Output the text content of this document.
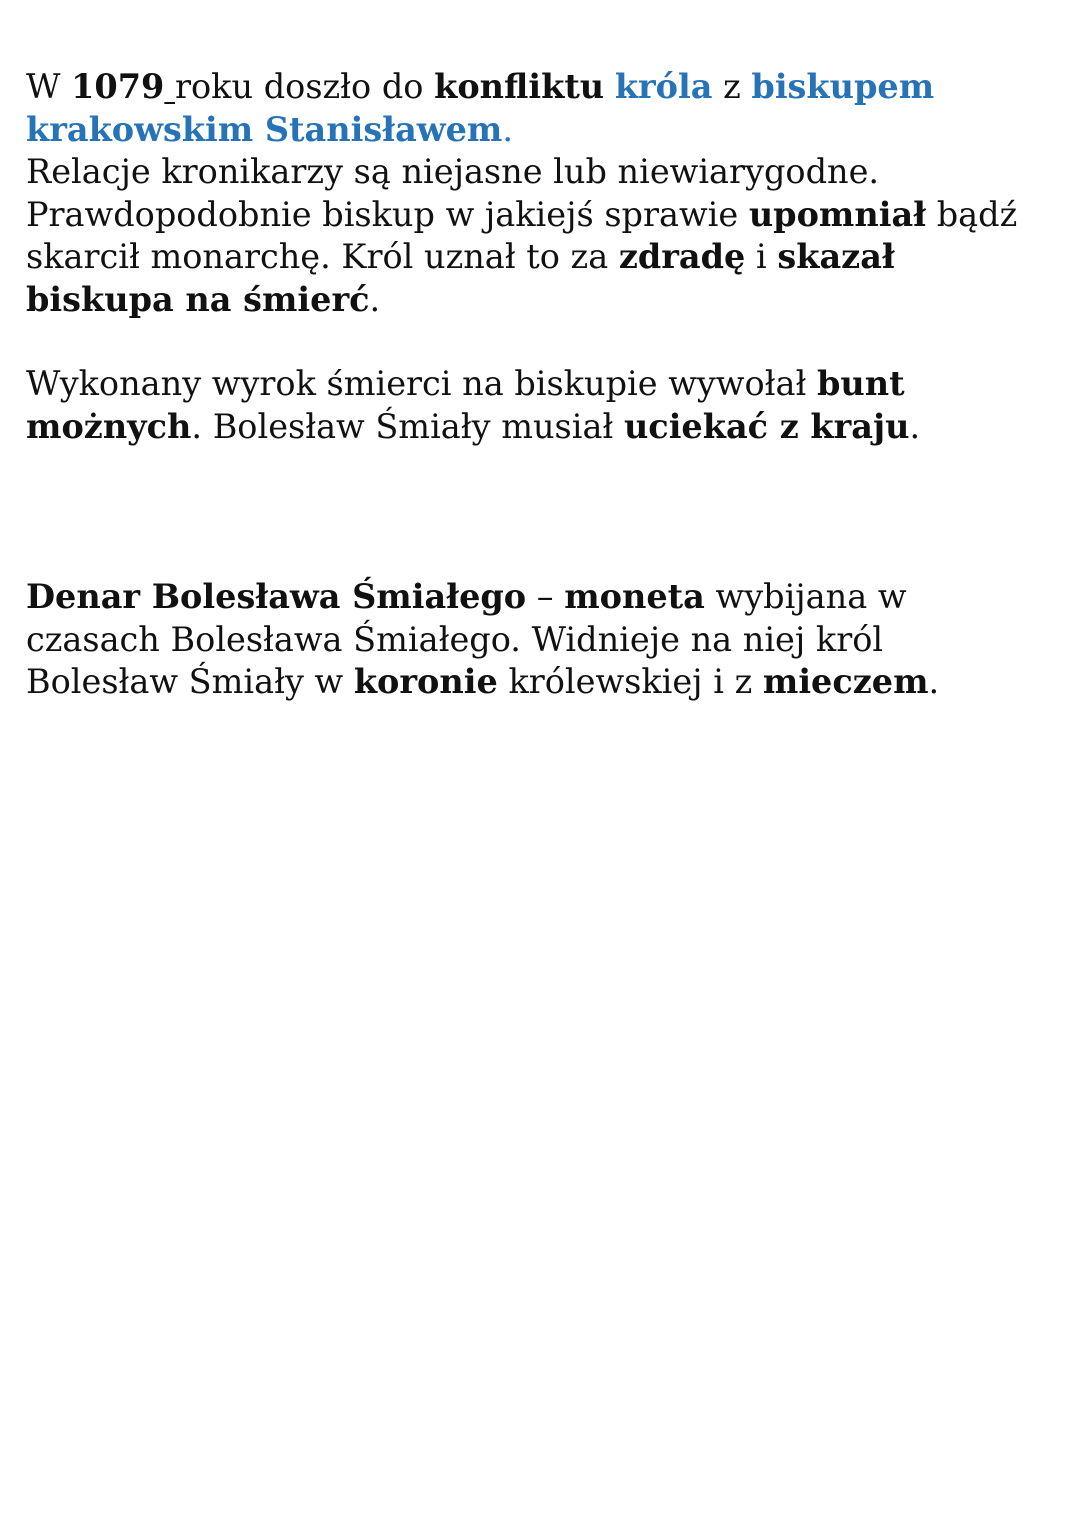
W 1079 roku doszło do konfliktu króla z biskupem
krakowskim Stanisławem.
Relacje kronikarzy są niejasne lub niewiarygodne.
Prawdopodobnie biskup w jakiejś sprawie upomniał bądź
skarcił monarchę. Król uznał to za zdradę i skazał
biskupa na śmierć.
Wykonany wyrok śmierci na biskupie wywołał bunt
możnych. Bolesław Śmiały musiał uciekać z kraju.
Denar Bolesława Śmiałego – moneta wybijana w
czasach Bolesława Śmiałego. Widnieje na niej król
Bolesław Śmiały w koronie królewskiej i z mieczem.
